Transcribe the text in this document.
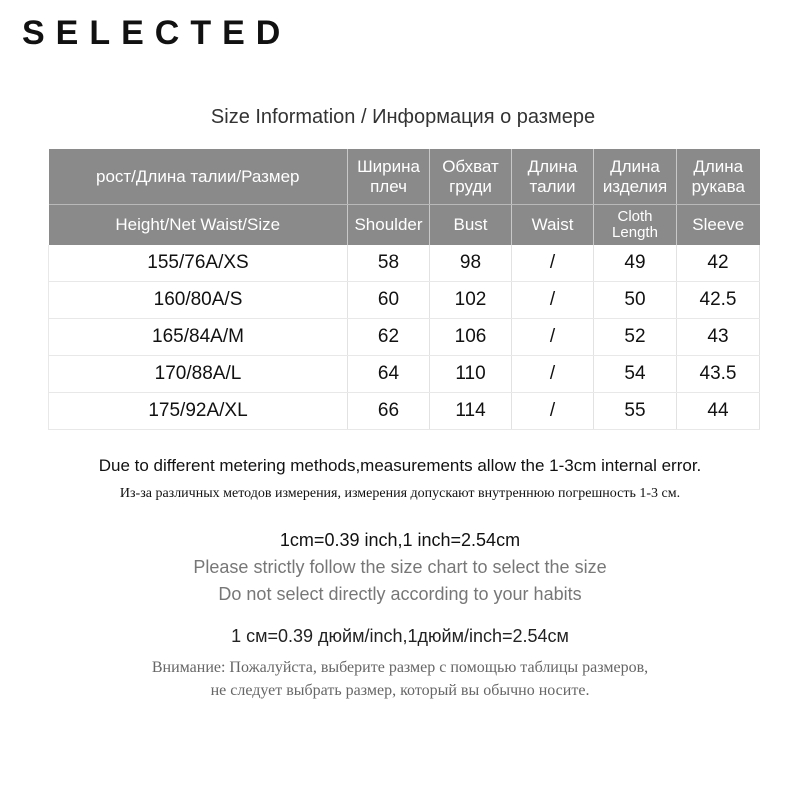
SELECTED
Size Information / Информация о размере
рост/Длина талии/Размер	Ширина плеч	Обхват груди	Длина талии	Длина изделия	Длина рукава
Height/Net Waist/Size	Shoulder	Bust	Waist	Cloth Length	Sleeve
155/76A/XS	58	98	/	49	42
160/80A/S	60	102	/	50	42.5
165/84A/M	62	106	/	52	43
170/88A/L	64	110	/	54	43.5
175/92A/XL	66	114	/	55	44
Due to different metering methods,measurements allow the 1-3cm internal error.
Из-за различных методов измерения, измерения допускают внутреннюю погрешность 1-3 см.
1cm=0.39 inch,1 inch=2.54cm
Please strictly follow the size chart to select the size
Do not select directly according to your habits
1 см=0.39 дюйм/inch,1дюйм/inch=2.54см
Внимание: Пожалуйста, выберите размер с помощью таблицы размеров,
не следует выбрать размер, который вы обычно носите.
